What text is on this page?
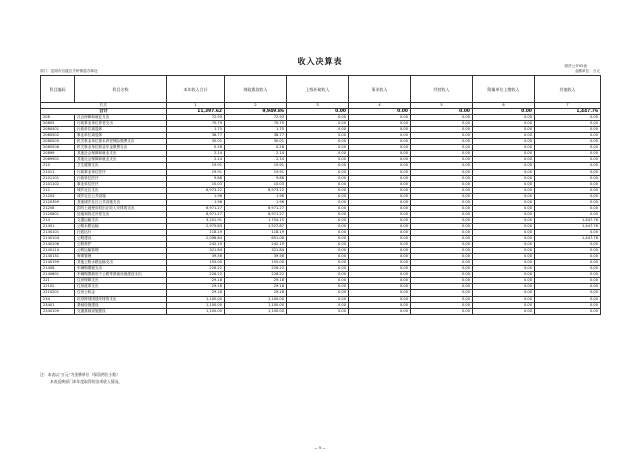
收入决算表	财决公开02表
部门：昆明市官渡区关岭街道办事处	金额单位：万元
科目编码	科目名称	本年收入合计	财政拨款收入	上级补助收入	事业收入	经营收入	附属单位上缴收入	其他收入
栏次		1	2	3	4	5	6	7
合计		11,397.62	9,949.86	0.00	0.00	0.00	0.00	1,447.76
208	社会保障和就业支出	72.93	72.93	0.00	0.00	0.00	0.00	0.00
20805	行政事业单位养老支出	70.79	70.79	0.00	0.00	0.00	0.00	0.00
2080501	行政单位离退休	1.75	1.75	0.00	0.00	0.00	0.00	0.00
2080502	事业单位离退休	38.77	38.77	0.00	0.00	0.00	0.00	0.00
2080505	机关事业单位基本养老保险缴费支出	30.01	30.01	0.00	0.00	0.00	0.00	0.00
2080506	机关事业单位职业年金缴费支出	0.26	0.26	0.00	0.00	0.00	0.00	0.00
20899	其他社会保障和就业支出	2.14	2.14	0.00	0.00	0.00	0.00	0.00
2089901	其他社会保障和就业支出	2.14	2.14	0.00	0.00	0.00	0.00	0.00
210	卫生健康支出	19.91	19.91	0.00	0.00	0.00	0.00	0.00
21011	行政事业单位医疗	19.91	19.91	0.00	0.00	0.00	0.00	0.00
2101101	行政单位医疗	9.88	9.88	0.00	0.00	0.00	0.00	0.00
2101102	事业单位医疗	10.03	10.03	0.00	0.00	0.00	0.00	0.00
212	城乡社区支出	6,973.22	6,973.22	0.00	0.00	0.00	0.00	0.00
21203	城乡社区公共设施	1.96	1.96	0.00	0.00	0.00	0.00	0.00
2120399	其他城乡社区公共设施支出	1.96	1.96	0.00	0.00	0.00	0.00	0.00
21208	国有土地使用权出让收入安排的支出	6,971.27	6,971.27	0.00	0.00	0.00	0.00	0.00
2120801	征地和拆迁补偿支出	6,971.27	6,971.27	0.00	0.00	0.00	0.00	0.00
214	交通运输支出	3,201.91	1,754.15	0.00	0.00	0.00	0.00	1,447.76
21401	公路水路运输	2,975.63	1,527.87	0.00	0.00	0.00	0.00	1,447.76
2140101	行政运行	118.19	118.19	0.00	0.00	0.00	0.00	0.00
2140104	公路建设	2,098.84	651.08	0.00	0.00	0.00	0.00	1,447.76
2140106	公路养护	242.19	242.19	0.00	0.00	0.00	0.00	0.00
2140110	公路运输管理	321.84	321.84	0.00	0.00	0.00	0.00	0.00
2140131	海事管理	39.56	39.56	0.00	0.00	0.00	0.00	0.00
2140199	其他公路水路运输支出	155.00	155.00	0.00	0.00	0.00	0.00	0.00
21406	车辆购置税支出	226.22	226.22	0.00	0.00	0.00	0.00	0.00
2140601	车辆购置税用于公路等基础设施建设支出	226.22	226.22	0.00	0.00	0.00	0.00	0.00
221	住房保障支出	29.18	29.18	0.00	0.00	0.00	0.00	0.00
22102	住房改革支出	29.18	29.18	0.00	0.00	0.00	0.00	0.00
2210201	住房公积金	29.18	29.18	0.00	0.00	0.00	0.00	0.00
234	抗疫特别国债安排的支出	1,100.00	1,100.00	0.00	0.00	0.00	0.00	0.00
23401	基础设施建设	1,100.00	1,100.00	0.00	0.00	0.00	0.00	0.00
2340109	交通基础设施建设	1,100.00	1,100.00	0.00	0.00	0.00	0.00	0.00
注：本表以“万元”为金额单位（保留两位小数）
本表反映部门本年度取得的各项收入情况。
— 5 —
